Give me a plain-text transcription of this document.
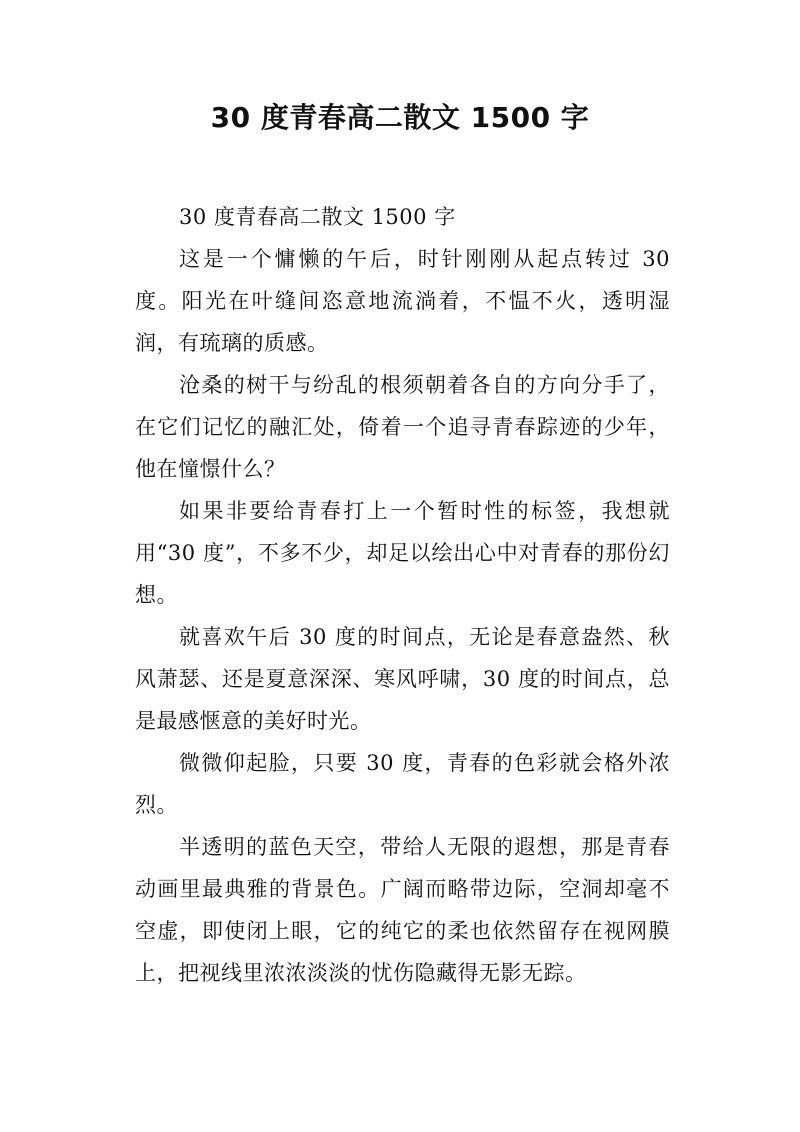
30 度青春高二散文 1500 字

30 度青春高二散文 1500 字

这是一个慵懒的午后，时针刚刚从起点转过 30 度。阳光在叶缝间恣意地流淌着，不愠不火，透明湿润，有琉璃的质感。

沧桑的树干与纷乱的根须朝着各自的方向分手了，在它们记忆的融汇处，倚着一个追寻青春踪迹的少年，他在憧憬什么？

如果非要给青春打上一个暂时性的标签，我想就用“30 度”，不多不少，却足以绘出心中对青春的那份幻想。

就喜欢午后 30 度的时间点，无论是春意盎然、秋风萧瑟、还是夏意深深、寒风呼啸，30 度的时间点，总是最感惬意的美好时光。

微微仰起脸，只要 30 度，青春的色彩就会格外浓烈。

半透明的蓝色天空，带给人无限的遐想，那是青春动画里最典雅的背景色。广阔而略带边际，空洞却毫不空虚，即使闭上眼，它的纯它的柔也依然留存在视网膜上，把视线里浓浓淡淡的忧伤隐藏得无影无踪。
